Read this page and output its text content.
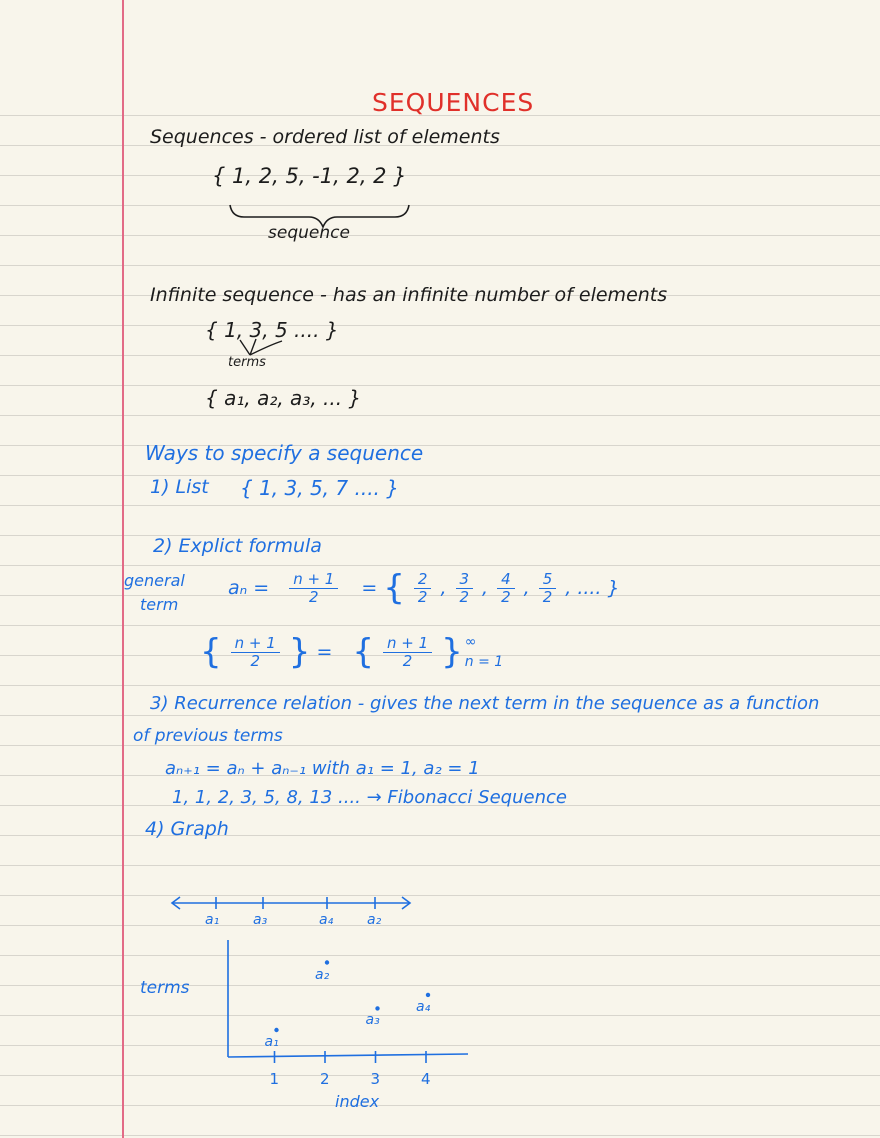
SEQUENCES
Sequences - ordered list of elements
{ 1, 2, 5, -1, 2, 2 }
sequence
Infinite sequence - has an infinite number of elements
{ 1, 3, 5 .... }
terms
{ a₁, a₂, a₃, ... }
Ways to specify a sequence
1) List { 1, 3, 5, 7 .... }
2) Explict formula
general
term
$a_n = \frac{n + 1}{2}$ = { $\frac{2}{2}$ , $\frac{3}{2}$ , $\frac{4}{2}$ , $\frac{5}{2}$ , .... }
{ $\frac{n + 1}{2}$ } = { $\frac{n + 1}{2}$ } ∞
n = 1
3) Recurrence relation - gives the next term in the sequence as a function
of previous terms
aₙ₊₁ = aₙ + aₙ₋₁ with a₁ = 1, a₂ = 1
1, 1, 2, 3, 5, 8, 13 .... → Fibonacci Sequence
4) Graph
a₁ a₃	a₄ a₂
terms
index
1	2	3	4
a₁
a₂
a₃
a₄
